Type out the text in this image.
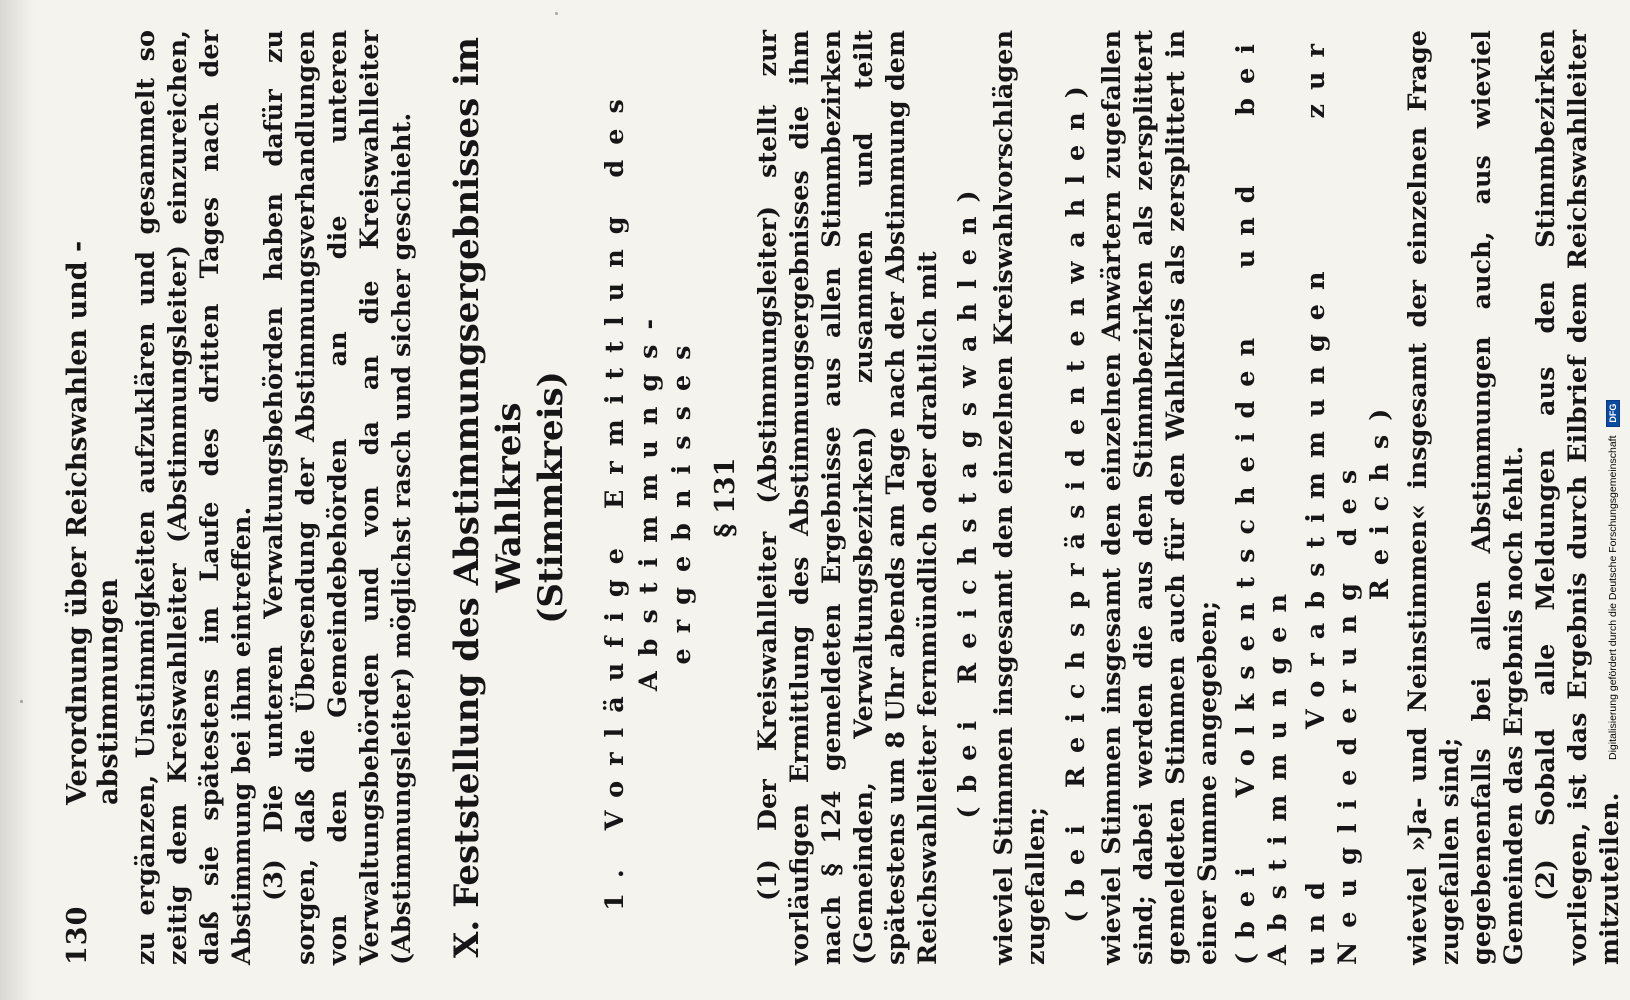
130
Verordnung über Reichswahlen und -abstimmungen zu ergänzen, Unstimmigkeiten aufzuklären und gesammelt so zeitig dem Kreiswahlleiter (Abstimmungsleiter) einzureichen, daß sie spätestens im Laufe des dritten Tages nach der Abstimmung bei ihm eintreffen. (3) Die unteren Verwaltungsbehörden haben dafür zu sorgen, daß die Übersendung der Abstimmungsverhandlungen von den Gemeindebehörden an die unteren Verwaltungsbehörden und von da an die Kreiswahlleiter (Abstimmungsleiter) möglichst rasch und sicher geschieht. X. Feststellung des Abstimmungsergebnisses im Wahlkreis (Stimmkreis) 1. Vorläufige Ermittlung des Abstimmungs- ergebnisses § 131 (1) Der Kreiswahlleiter (Abstimmungsleiter) stellt zur vorläufigen Ermittlung des Abstimmungsergebnisses die ihm nach § 124 gemeldeten Ergebnisse aus allen Stimmbezirken (Gemeinden, Verwaltungsbezirken) zusammen und teilt spätestens um 8 Uhr abends am Tage nach der Abstimmung dem Reichswahlleiter fernmündlich oder drahtlich mit (bei Reichstagswahlen) wieviel Stimmen insgesamt den einzelnen Kreiswahlvorschlägen zugefallen; (bei Reichspräsidentenwahlen) wieviel Stimmen insgesamt den einzelnen Anwärtern zugefallen sind; dabei werden die aus den Stimmbezirken als zersplittert gemeldeten Stimmen auch für den Wahlkreis als zersplittert in einer Summe angegeben; (bei Volksentscheiden und bei Abstimmungen und Vorabstimmungen zur Neugliederung des Reichs) wieviel »Ja- und Neinstimmen« insgesamt der einzelnen Frage zugefallen sind; gegebenenfalls bei allen Abstimmungen auch, aus wieviel Gemeinden das Ergebnis noch fehlt. (2) Sobald alle Meldungen aus den Stimmbezirken vorliegen, ist das Ergebnis durch Eilbrief dem Reichswahlleiter mitzuteilen.

Digitalisierung gefördert durch die Deutsche Forschungsgemeinschaft DFG
